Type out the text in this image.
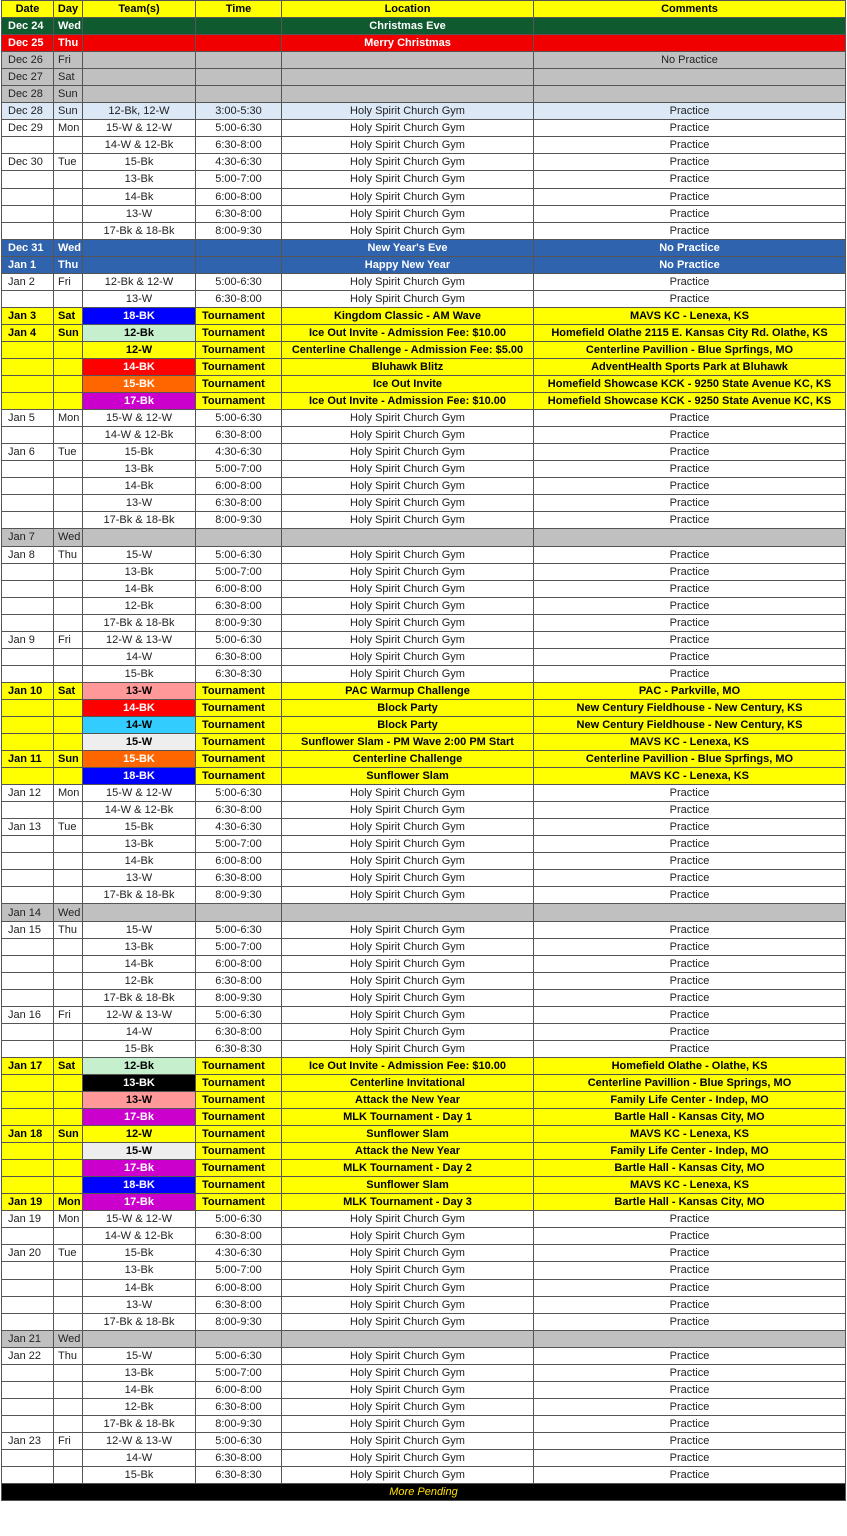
Date	Day	Team(s)	Time	Location	Comments
Dec 24	Wed			Christmas Eve	
Dec 25	Thu			Merry Christmas	
Dec 26	Fri				No Practice
Dec 27	Sat				
Dec 28	Sun				
Dec 28	Sun	12-Bk, 12-W	3:00-5:30	Holy Spirit Church Gym	Practice
Dec 29	Mon	15-W & 12-W	5:00-6:30	Holy Spirit Church Gym	Practice
		14-W & 12-Bk	6:30-8:00	Holy Spirit Church Gym	Practice
Dec 30	Tue	15-Bk	4:30-6:30	Holy Spirit Church Gym	Practice
		13-Bk	5:00-7:00	Holy Spirit Church Gym	Practice
		14-Bk	6:00-8:00	Holy Spirit Church Gym	Practice
		13-W	6:30-8:00	Holy Spirit Church Gym	Practice
		17-Bk & 18-Bk	8:00-9:30	Holy Spirit Church Gym	Practice
Dec 31	Wed			New Year's Eve	No Practice
Jan 1	Thu			Happy New Year	No Practice
Jan 2	Fri	12-Bk & 12-W	5:00-6:30	Holy Spirit Church Gym	Practice
		13-W	6:30-8:00	Holy Spirit Church Gym	Practice
Jan 3	Sat	18-BK	Tournament	Kingdom Classic - AM Wave	MAVS KC - Lenexa, KS
Jan 4	Sun	12-Bk	Tournament	Ice Out Invite - Admission Fee: $10.00	Homefield Olathe 2115 E. Kansas City Rd. Olathe, KS
		12-W	Tournament	Centerline Challenge - Admission Fee: $5.00	Centerline Pavillion - Blue Sprfings, MO
		14-BK	Tournament	Bluhawk Blitz	AdventHealth Sports Park at Bluhawk
		15-BK	Tournament	Ice Out Invite	Homefield Showcase KCK - 9250 State Avenue KC, KS
		17-Bk	Tournament	Ice Out Invite - Admission Fee: $10.00	Homefield Showcase KCK - 9250 State Avenue KC, KS
Jan 5	Mon	15-W & 12-W	5:00-6:30	Holy Spirit Church Gym	Practice
		14-W & 12-Bk	6:30-8:00	Holy Spirit Church Gym	Practice
Jan 6	Tue	15-Bk	4:30-6:30	Holy Spirit Church Gym	Practice
		13-Bk	5:00-7:00	Holy Spirit Church Gym	Practice
		14-Bk	6:00-8:00	Holy Spirit Church Gym	Practice
		13-W	6:30-8:00	Holy Spirit Church Gym	Practice
		17-Bk & 18-Bk	8:00-9:30	Holy Spirit Church Gym	Practice
Jan 7	Wed				
Jan 8	Thu	15-W	5:00-6:30	Holy Spirit Church Gym	Practice
		13-Bk	5:00-7:00	Holy Spirit Church Gym	Practice
		14-Bk	6:00-8:00	Holy Spirit Church Gym	Practice
		12-Bk	6:30-8:00	Holy Spirit Church Gym	Practice
		17-Bk & 18-Bk	8:00-9:30	Holy Spirit Church Gym	Practice
Jan 9	Fri	12-W & 13-W	5:00-6:30	Holy Spirit Church Gym	Practice
		14-W	6:30-8:00	Holy Spirit Church Gym	Practice
		15-Bk	6:30-8:30	Holy Spirit Church Gym	Practice
Jan 10	Sat	13-W	Tournament	PAC Warmup Challenge	PAC - Parkville, MO
		14-BK	Tournament	Block Party	New Century Fieldhouse - New Century, KS
		14-W	Tournament	Block Party	New Century Fieldhouse - New Century, KS
		15-W	Tournament	Sunflower Slam - PM Wave 2:00 PM Start	MAVS KC - Lenexa, KS
Jan 11	Sun	15-BK	Tournament	Centerline Challenge	Centerline Pavillion - Blue Sprfings, MO
		18-BK	Tournament	Sunflower Slam	MAVS KC - Lenexa, KS
Jan 12	Mon	15-W & 12-W	5:00-6:30	Holy Spirit Church Gym	Practice
		14-W & 12-Bk	6:30-8:00	Holy Spirit Church Gym	Practice
Jan 13	Tue	15-Bk	4:30-6:30	Holy Spirit Church Gym	Practice
		13-Bk	5:00-7:00	Holy Spirit Church Gym	Practice
		14-Bk	6:00-8:00	Holy Spirit Church Gym	Practice
		13-W	6:30-8:00	Holy Spirit Church Gym	Practice
		17-Bk & 18-Bk	8:00-9:30	Holy Spirit Church Gym	Practice
Jan 14	Wed				
Jan 15	Thu	15-W	5:00-6:30	Holy Spirit Church Gym	Practice
		13-Bk	5:00-7:00	Holy Spirit Church Gym	Practice
		14-Bk	6:00-8:00	Holy Spirit Church Gym	Practice
		12-Bk	6:30-8:00	Holy Spirit Church Gym	Practice
		17-Bk & 18-Bk	8:00-9:30	Holy Spirit Church Gym	Practice
Jan 16	Fri	12-W & 13-W	5:00-6:30	Holy Spirit Church Gym	Practice
		14-W	6:30-8:00	Holy Spirit Church Gym	Practice
		15-Bk	6:30-8:30	Holy Spirit Church Gym	Practice
Jan 17	Sat	12-Bk	Tournament	Ice Out Invite - Admission Fee: $10.00	Homefield Olathe - Olathe, KS
		13-BK	Tournament	Centerline Invitational	Centerline Pavillion - Blue Springs, MO
		13-W	Tournament	Attack the New Year	Family Life Center - Indep, MO
		17-Bk	Tournament	MLK Tournament - Day 1	Bartle Hall - Kansas City, MO
Jan 18	Sun	12-W	Tournament	Sunflower Slam	MAVS KC - Lenexa, KS
		15-W	Tournament	Attack the New Year	Family Life Center - Indep, MO
		17-Bk	Tournament	MLK Tournament - Day 2	Bartle Hall - Kansas City, MO
		18-BK	Tournament	Sunflower Slam	MAVS KC - Lenexa, KS
Jan 19	Mon	17-Bk	Tournament	MLK Tournament - Day 3	Bartle Hall - Kansas City, MO
Jan 19	Mon	15-W & 12-W	5:00-6:30	Holy Spirit Church Gym	Practice
		14-W & 12-Bk	6:30-8:00	Holy Spirit Church Gym	Practice
Jan 20	Tue	15-Bk	4:30-6:30	Holy Spirit Church Gym	Practice
		13-Bk	5:00-7:00	Holy Spirit Church Gym	Practice
		14-Bk	6:00-8:00	Holy Spirit Church Gym	Practice
		13-W	6:30-8:00	Holy Spirit Church Gym	Practice
		17-Bk & 18-Bk	8:00-9:30	Holy Spirit Church Gym	Practice
Jan 21	Wed				
Jan 22	Thu	15-W	5:00-6:30	Holy Spirit Church Gym	Practice
		13-Bk	5:00-7:00	Holy Spirit Church Gym	Practice
		14-Bk	6:00-8:00	Holy Spirit Church Gym	Practice
		12-Bk	6:30-8:00	Holy Spirit Church Gym	Practice
		17-Bk & 18-Bk	8:00-9:30	Holy Spirit Church Gym	Practice
Jan 23	Fri	12-W & 13-W	5:00-6:30	Holy Spirit Church Gym	Practice
		14-W	6:30-8:00	Holy Spirit Church Gym	Practice
		15-Bk	6:30-8:30	Holy Spirit Church Gym	Practice
More Pending					
